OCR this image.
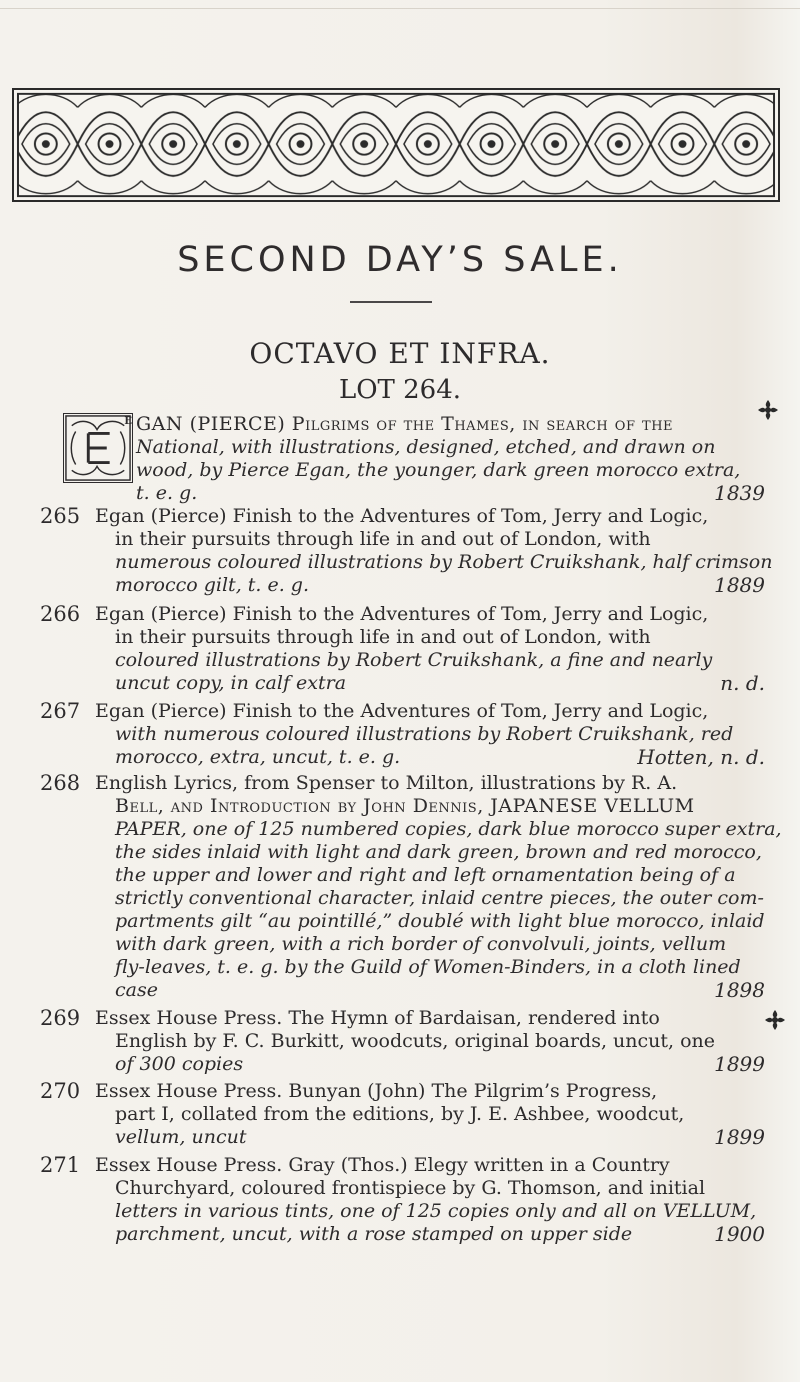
SECOND DAY’S SALE.
OCTAVO ET INFRA.
LOT 264.
E GAN (PIERCE) Pilgrims of the Thames, in search of the
National, with illustrations, designed, etched, and drawn on
wood, by Pierce Egan, the younger, dark green morocco extra,
t. e. g.	1839
265 Egan (Pierce) Finish to the Adventures of Tom, Jerry and Logic,
in their pursuits through life in and out of London, with
numerous coloured illustrations by Robert Cruikshank, half crimson
morocco gilt, t. e. g.	1889
266 Egan (Pierce) Finish to the Adventures of Tom, Jerry and Logic,
in their pursuits through life in and out of London, with
coloured illustrations by Robert Cruikshank, a fine and nearly
uncut copy, in calf extra	n. d.
267 Egan (Pierce) Finish to the Adventures of Tom, Jerry and Logic,
with numerous coloured illustrations by Robert Cruikshank, red
morocco, extra, uncut, t. e. g.	Hotten, n. d.
268 English Lyrics, from Spenser to Milton, illustrations by R. A.
Bell, and Introduction by John Dennis, JAPANESE VELLUM
PAPER, one of 125 numbered copies, dark blue morocco super extra,
the sides inlaid with light and dark green, brown and red morocco,
the upper and lower and right and left ornamentation being of a
strictly conventional character, inlaid centre pieces, the outer com-
partments gilt “au pointillé,” doublé with light blue morocco, inlaid
with dark green, with a rich border of convolvuli, joints, vellum
fly-leaves, t. e. g. by the Guild of Women-Binders, in a cloth lined
case	1898
269 Essex House Press. The Hymn of Bardaisan, rendered into
English by F. C. Burkitt, woodcuts, original boards, uncut, one
of 300 copies	1899
270 Essex House Press. Bunyan (John) The Pilgrim’s Progress,
part I, collated from the editions, by J. E. Ashbee, woodcut,
vellum, uncut	1899
271 Essex House Press. Gray (Thos.) Elegy written in a Country
Churchyard, coloured frontispiece by G. Thomson, and initial
letters in various tints, one of 125 copies only and all on VELLUM,
parchment, uncut, with a rose stamped on upper side	1900
